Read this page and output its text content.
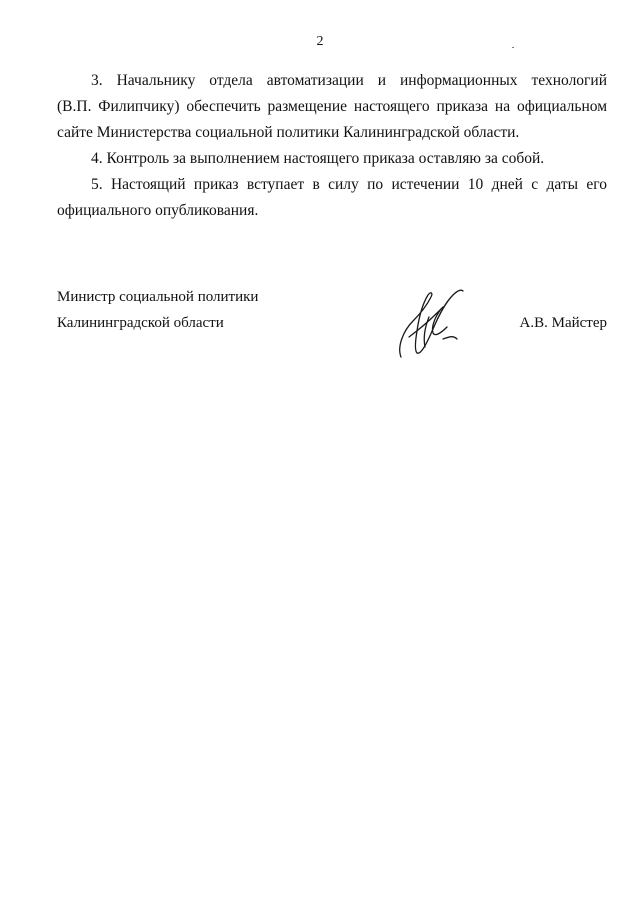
2

3. Начальнику отдела автоматизации и информационных технологий
(В.П. Филипчику) обеспечить размещение настоящего приказа на официальном
сайте Министерства социальной политики Калининградской области.

4. Контроль за выполнением настоящего приказа оставляю за собой.

5. Настоящий приказ вступает в силу по истечении 10 дней с даты его
официального опубликования.

Министр социальной политики
Калининградской области	А.В. Майстер
